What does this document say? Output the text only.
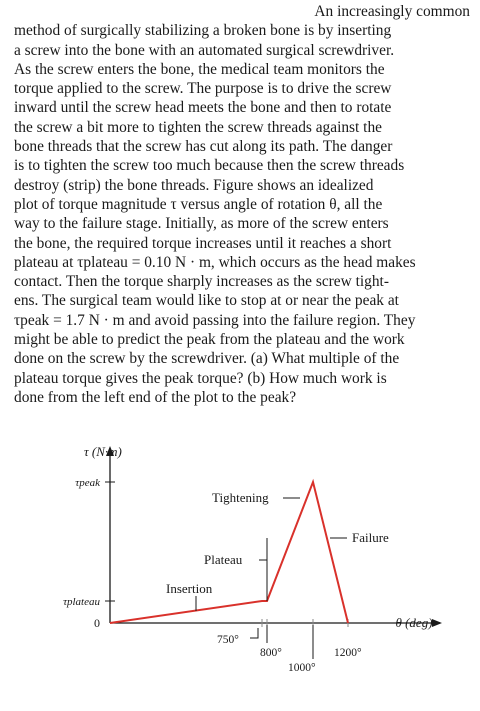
An increasingly common
method of surgically stabilizing a broken bone is by inserting
a screw into the bone with an automated surgical screwdriver.
As the screw enters the bone, the medical team monitors the
torque applied to the screw. The purpose is to drive the screw
inward until the screw head meets the bone and then to rotate
the screw a bit more to tighten the screw threads against the
bone threads that the screw has cut along its path. The danger
is to tighten the screw too much because then the screw threads
destroy (strip) the bone threads. Figure shows an idealized
plot of torque magnitude τ versus angle of rotation θ, all the
way to the failure stage. Initially, as more of the screw enters
the bone, the required torque increases until it reaches a short
plateau at τplateau = 0.10 N · m, which occurs as the head makes
contact. Then the torque sharply increases as the screw tight-
ens. The surgical team would like to stop at or near the peak at
τpeak = 1.7 N · m and avoid passing into the failure region. They
might be able to predict the peak from the plateau and the work
done on the screw by the screwdriver. (a) What multiple of the
plateau torque gives the peak torque? (b) How much work is
done from the left end of the plot to the peak?
τ (N·m)
θ (deg)
τpeak
τplateau
0
Tightening
Plateau
Insertion
Failure
750°
800°
1000°
1200°
